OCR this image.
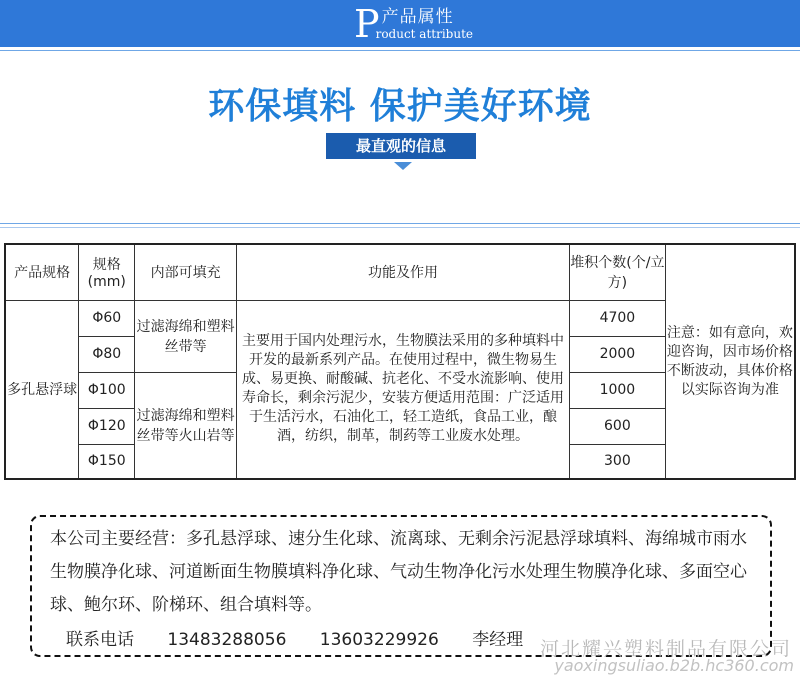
P 产品属性
roduct attribute
环保填料 保护美好环境
最直观的信息
产品规格	规格(mm)	内部可填充	功能及作用	堆积个数(个/立方)	注意：如有意向，欢迎咨询，因市场价格不断波动，具体价格以实际咨询为准
多孔悬浮球	Φ60	过滤海绵和塑料丝带等	主要用于国内处理污水，生物膜法采用的多种填料中开发的最新系列产品。在使用过程中，微生物易生成、易更换、耐酸碱、抗老化、不受水流影响、使用寿命长，剩余污泥少，安装方便适用范围：广泛适用于生活污水，石油化工，轻工造纸，食品工业，酿酒，纺织，制革，制药等工业废水处理。	4700	
	Φ80			2000	
	Φ100	过滤海绵和塑料丝带等火山岩等		1000	
	Φ120			600	
	Φ150			300	
本公司主要经营：多孔悬浮球、速分生化球、流离球、无剩余污泥悬浮球填料、海绵城市雨水生物膜净化球、河道断面生物膜填料净化球、气动生物净化污水处理生物膜净化球、多面空心球、鲍尔环、阶梯环、组合填料等。
联系电话 13483288056 13603229926 李经理 河北耀兴塑料制品有限公司
yaoxingsuliao.b2b.hc360.com
